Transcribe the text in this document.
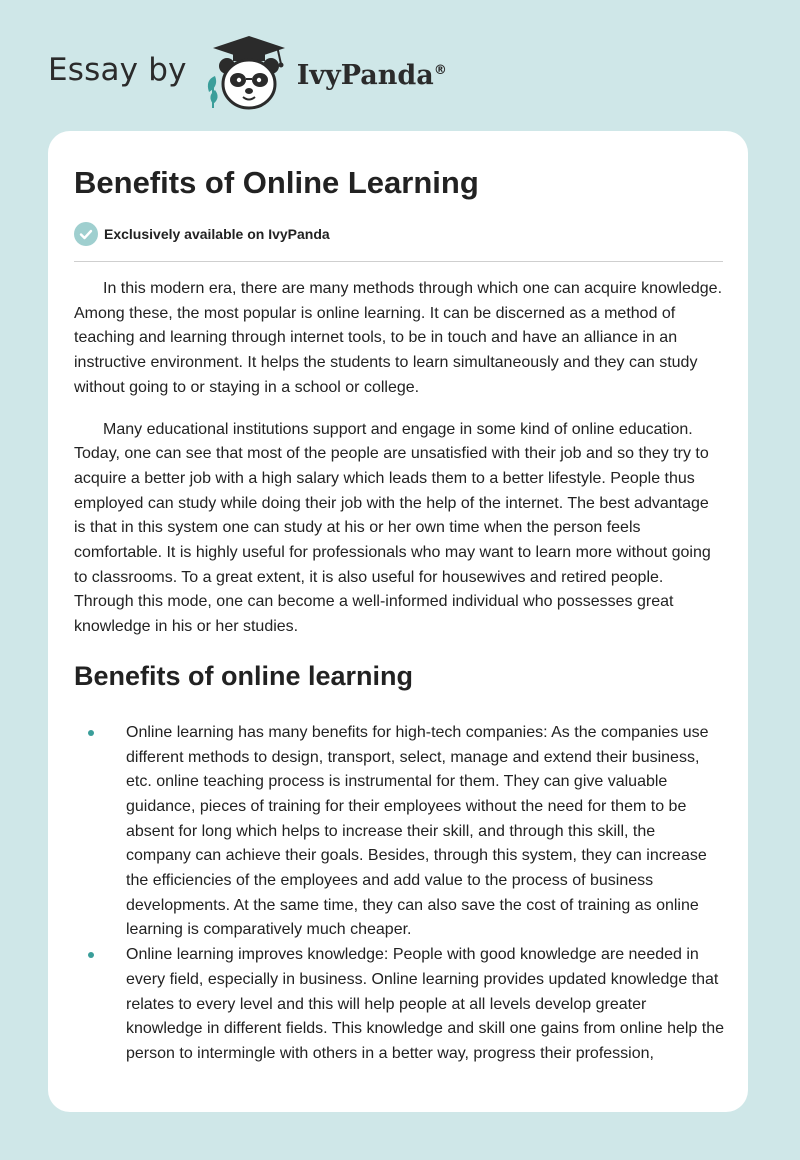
Essay by	IvyPanda®
Benefits of Online Learning
Exclusively available on IvyPanda

In this modern era, there are many methods through which one can acquire knowledge. Among these, the most popular is online learning. It can be discerned as a method of teaching and learning through internet tools, to be in touch and have an alliance in an instructive environment. It helps the students to learn simultaneously and they can study without going to or staying in a school or college.

Many educational institutions support and engage in some kind of online education. Today, one can see that most of the people are unsatisfied with their job and so they try to acquire a better job with a high salary which leads them to a better lifestyle. People thus employed can study while doing their job with the help of the internet. The best advantage is that in this system one can study at his or her own time when the person feels comfortable. It is highly useful for professionals who may want to learn more without going to classrooms. To a great extent, it is also useful for housewives and retired people. Through this mode, one can become a well-informed individual who possesses great knowledge in his or her studies.

Benefits of online learning
Online learning has many benefits for high-tech companies: As the companies use different methods to design, transport, select, manage and extend their business, etc. online teaching process is instrumental for them. They can give valuable guidance, pieces of training for their employees without the need for them to be absent for long which helps to increase their skill, and through this skill, the company can achieve their goals. Besides, through this system, they can increase the efficiencies of the employees and add value to the process of business developments. At the same time, they can also save the cost of training as online learning is comparatively much cheaper.
Online learning improves knowledge: People with good knowledge are needed in every field, especially in business. Online learning provides updated knowledge that relates to every level and this will help people at all levels develop greater knowledge in different fields. This knowledge and skill one gains from online help the person to intermingle with others in a better way, progress their profession,
